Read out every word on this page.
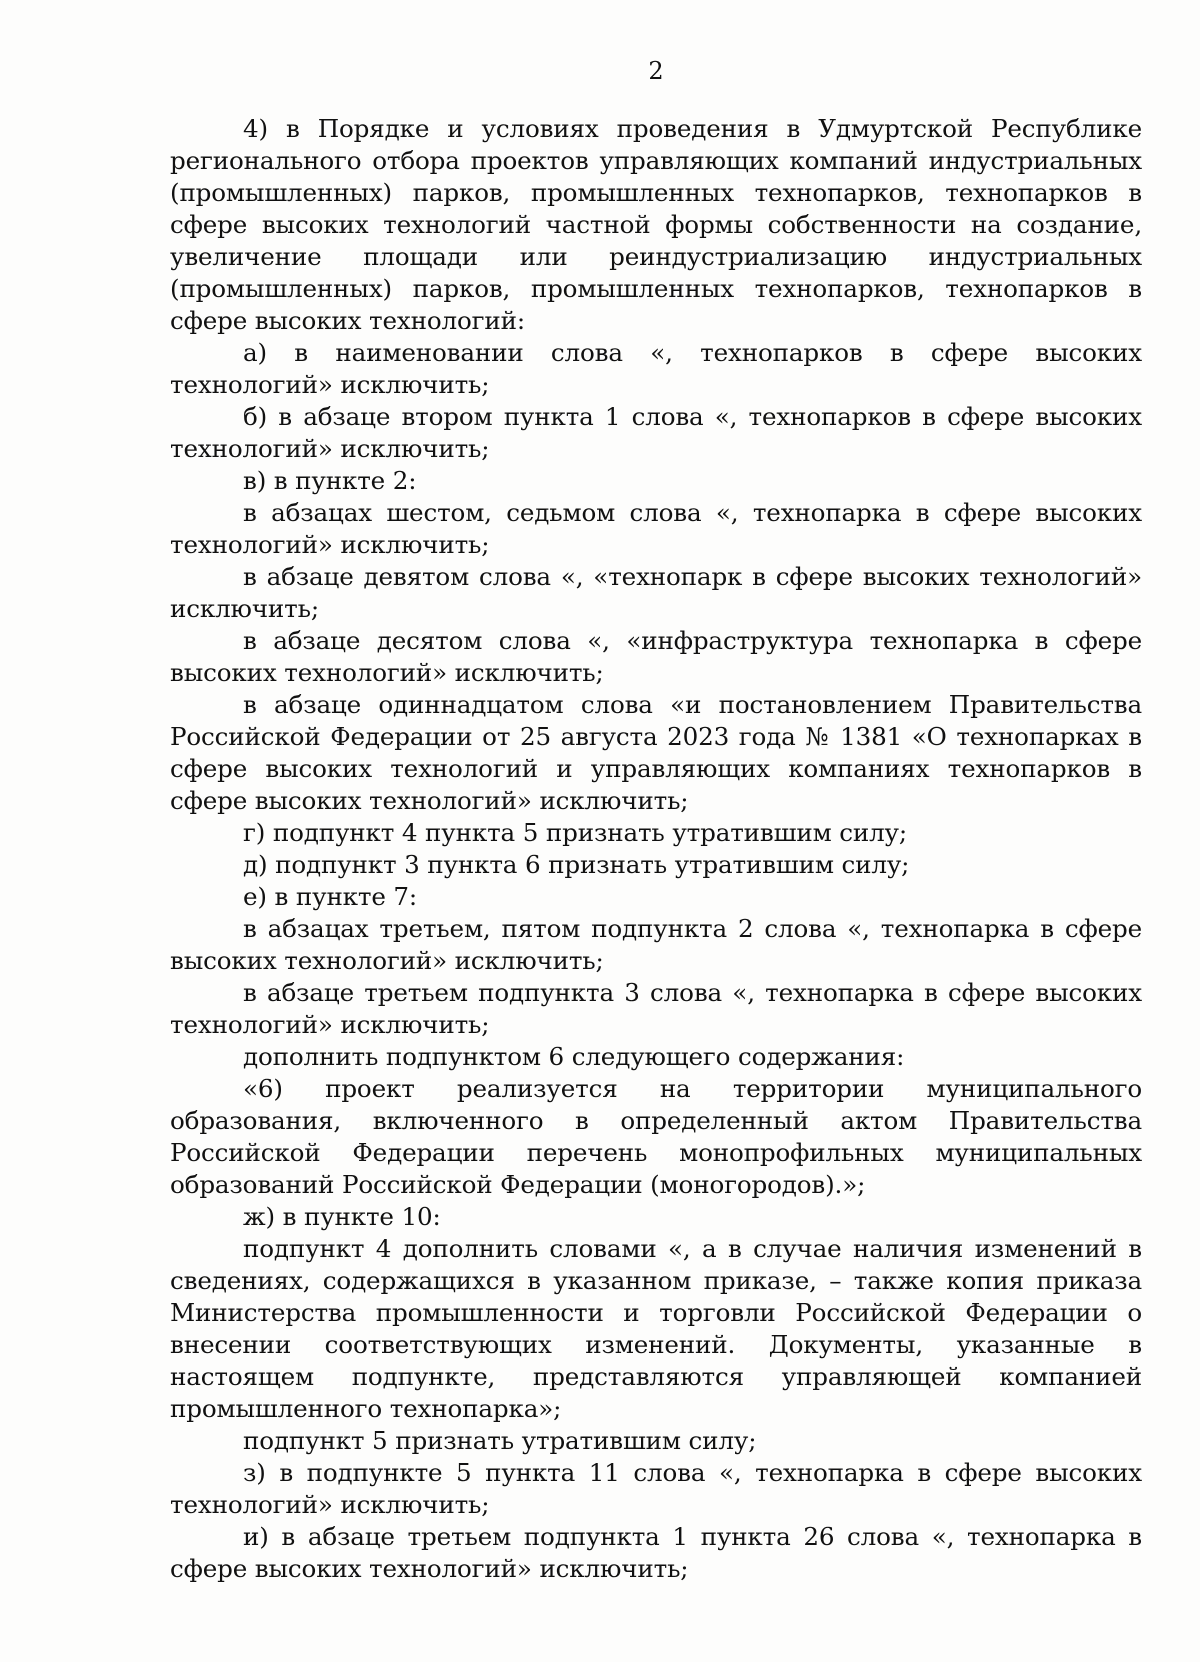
2

4) в Порядке и условиях проведения в Удмуртской Республике регионального отбора проектов управляющих компаний индустриальных (промышленных) парков, промышленных технопарков, технопарков в сфере высоких технологий частной формы собственности на создание, увеличение площади или реиндустриализацию индустриальных (промышленных) парков, промышленных технопарков, технопарков в сфере высоких технологий:

а) в наименовании слова «, технопарков в сфере высоких технологий» исключить;

б) в абзаце втором пункта 1 слова «, технопарков в сфере высоких технологий» исключить;

в) в пункте 2:

в абзацах шестом, седьмом слова «, технопарка в сфере высоких технологий» исключить;

в абзаце девятом слова «, «технопарк в сфере высоких технологий» исключить;

в абзаце десятом слова «, «инфраструктура технопарка в сфере высоких технологий» исключить;

в абзаце одиннадцатом слова «и постановлением Правительства Российской Федерации от 25 августа 2023 года № 1381 «О технопарках в сфере высоких технологий и управляющих компаниях технопарков в сфере высоких технологий» исключить;

г) подпункт 4 пункта 5 признать утратившим силу;

д) подпункт 3 пункта 6 признать утратившим силу;

е) в пункте 7:

в абзацах третьем, пятом подпункта 2 слова «, технопарка в сфере высоких технологий» исключить;

в абзаце третьем подпункта 3 слова «, технопарка в сфере высоких технологий» исключить;

дополнить подпунктом 6 следующего содержания:

«6) проект реализуется на территории муниципального образования, включенного в определенный актом Правительства Российской Федерации перечень монопрофильных муниципальных образований Российской Федерации (моногородов).»;

ж) в пункте 10:

подпункт 4 дополнить словами «, а в случае наличия изменений в сведениях, содержащихся в указанном приказе, – также копия приказа Министерства промышленности и торговли Российской Федерации о внесении соответствующих изменений. Документы, указанные в настоящем подпункте, представляются управляющей компанией промышленного технопарка»;

подпункт 5 признать утратившим силу;

з) в подпункте 5 пункта 11 слова «, технопарка в сфере высоких технологий» исключить;

и) в абзаце третьем подпункта 1 пункта 26 слова «, технопарка в сфере высоких технологий» исключить;
